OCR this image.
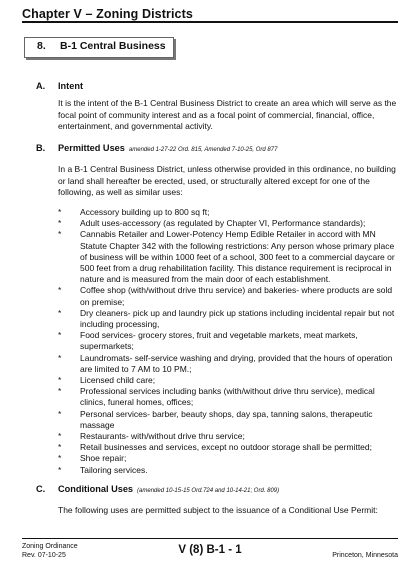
Chapter V – Zoning Districts
8. B-1 Central Business
A. Intent

It is the intent of the B-1 Central Business District to create an area which will serve as the focal point of community interest and as a focal point of commercial, financial, office, entertainment, and governmental activity.

B. Permitted Uses amended 1-27-22 Ord. 815, Amended 7-10-25, Ord 877

In a B-1 Central Business District, unless otherwise provided in this ordinance, no building or land shall hereafter be erected, used, or structurally altered except for one of the following, as well as similar uses:

* Accessory building up to 800 sq ft;
* Adult uses-accessory (as regulated by Chapter VI, Performance standards);
* Cannabis Retailer and Lower-Potency Hemp Edible Retailer in accord with MN Statute Chapter 342 with the following restrictions: Any person whose primary place of business will be within 1000 feet of a school, 300 feet to a commercial daycare or 500 feet from a drug rehabilitation facility. This distance requirement is reciprocal in nature and is measured from the main door of each establishment.
* Coffee shop (with/without drive thru service) and bakeries- where products are sold on premise;
* Dry cleaners- pick up and laundry pick up stations including incidental repair but not including processing,
* Food services- grocery stores, fruit and vegetable markets, meat markets, supermarkets;
* Laundromats- self-service washing and drying, provided that the hours of operation are limited to 7 AM to 10 PM.;
* Licensed child care;
* Professional services including banks (with/without drive thru service), medical clinics, funeral homes, offices;
* Personal services- barber, beauty shops, day spa, tanning salons, therapeutic massage
* Restaurants- with/without drive thru service;
* Retail businesses and services, except no outdoor storage shall be permitted;
* Shoe repair;
* Tailoring services.
C. Conditional Uses (amended 10-15-15 Ord.724 and 10-14-21; Ord. 809)

The following uses are permitted subject to the issuance of a Conditional Use Permit:

Zoning Ordinance
Rev. 07-10-25	V (8) B-1 - 1	Princeton, Minnesota
